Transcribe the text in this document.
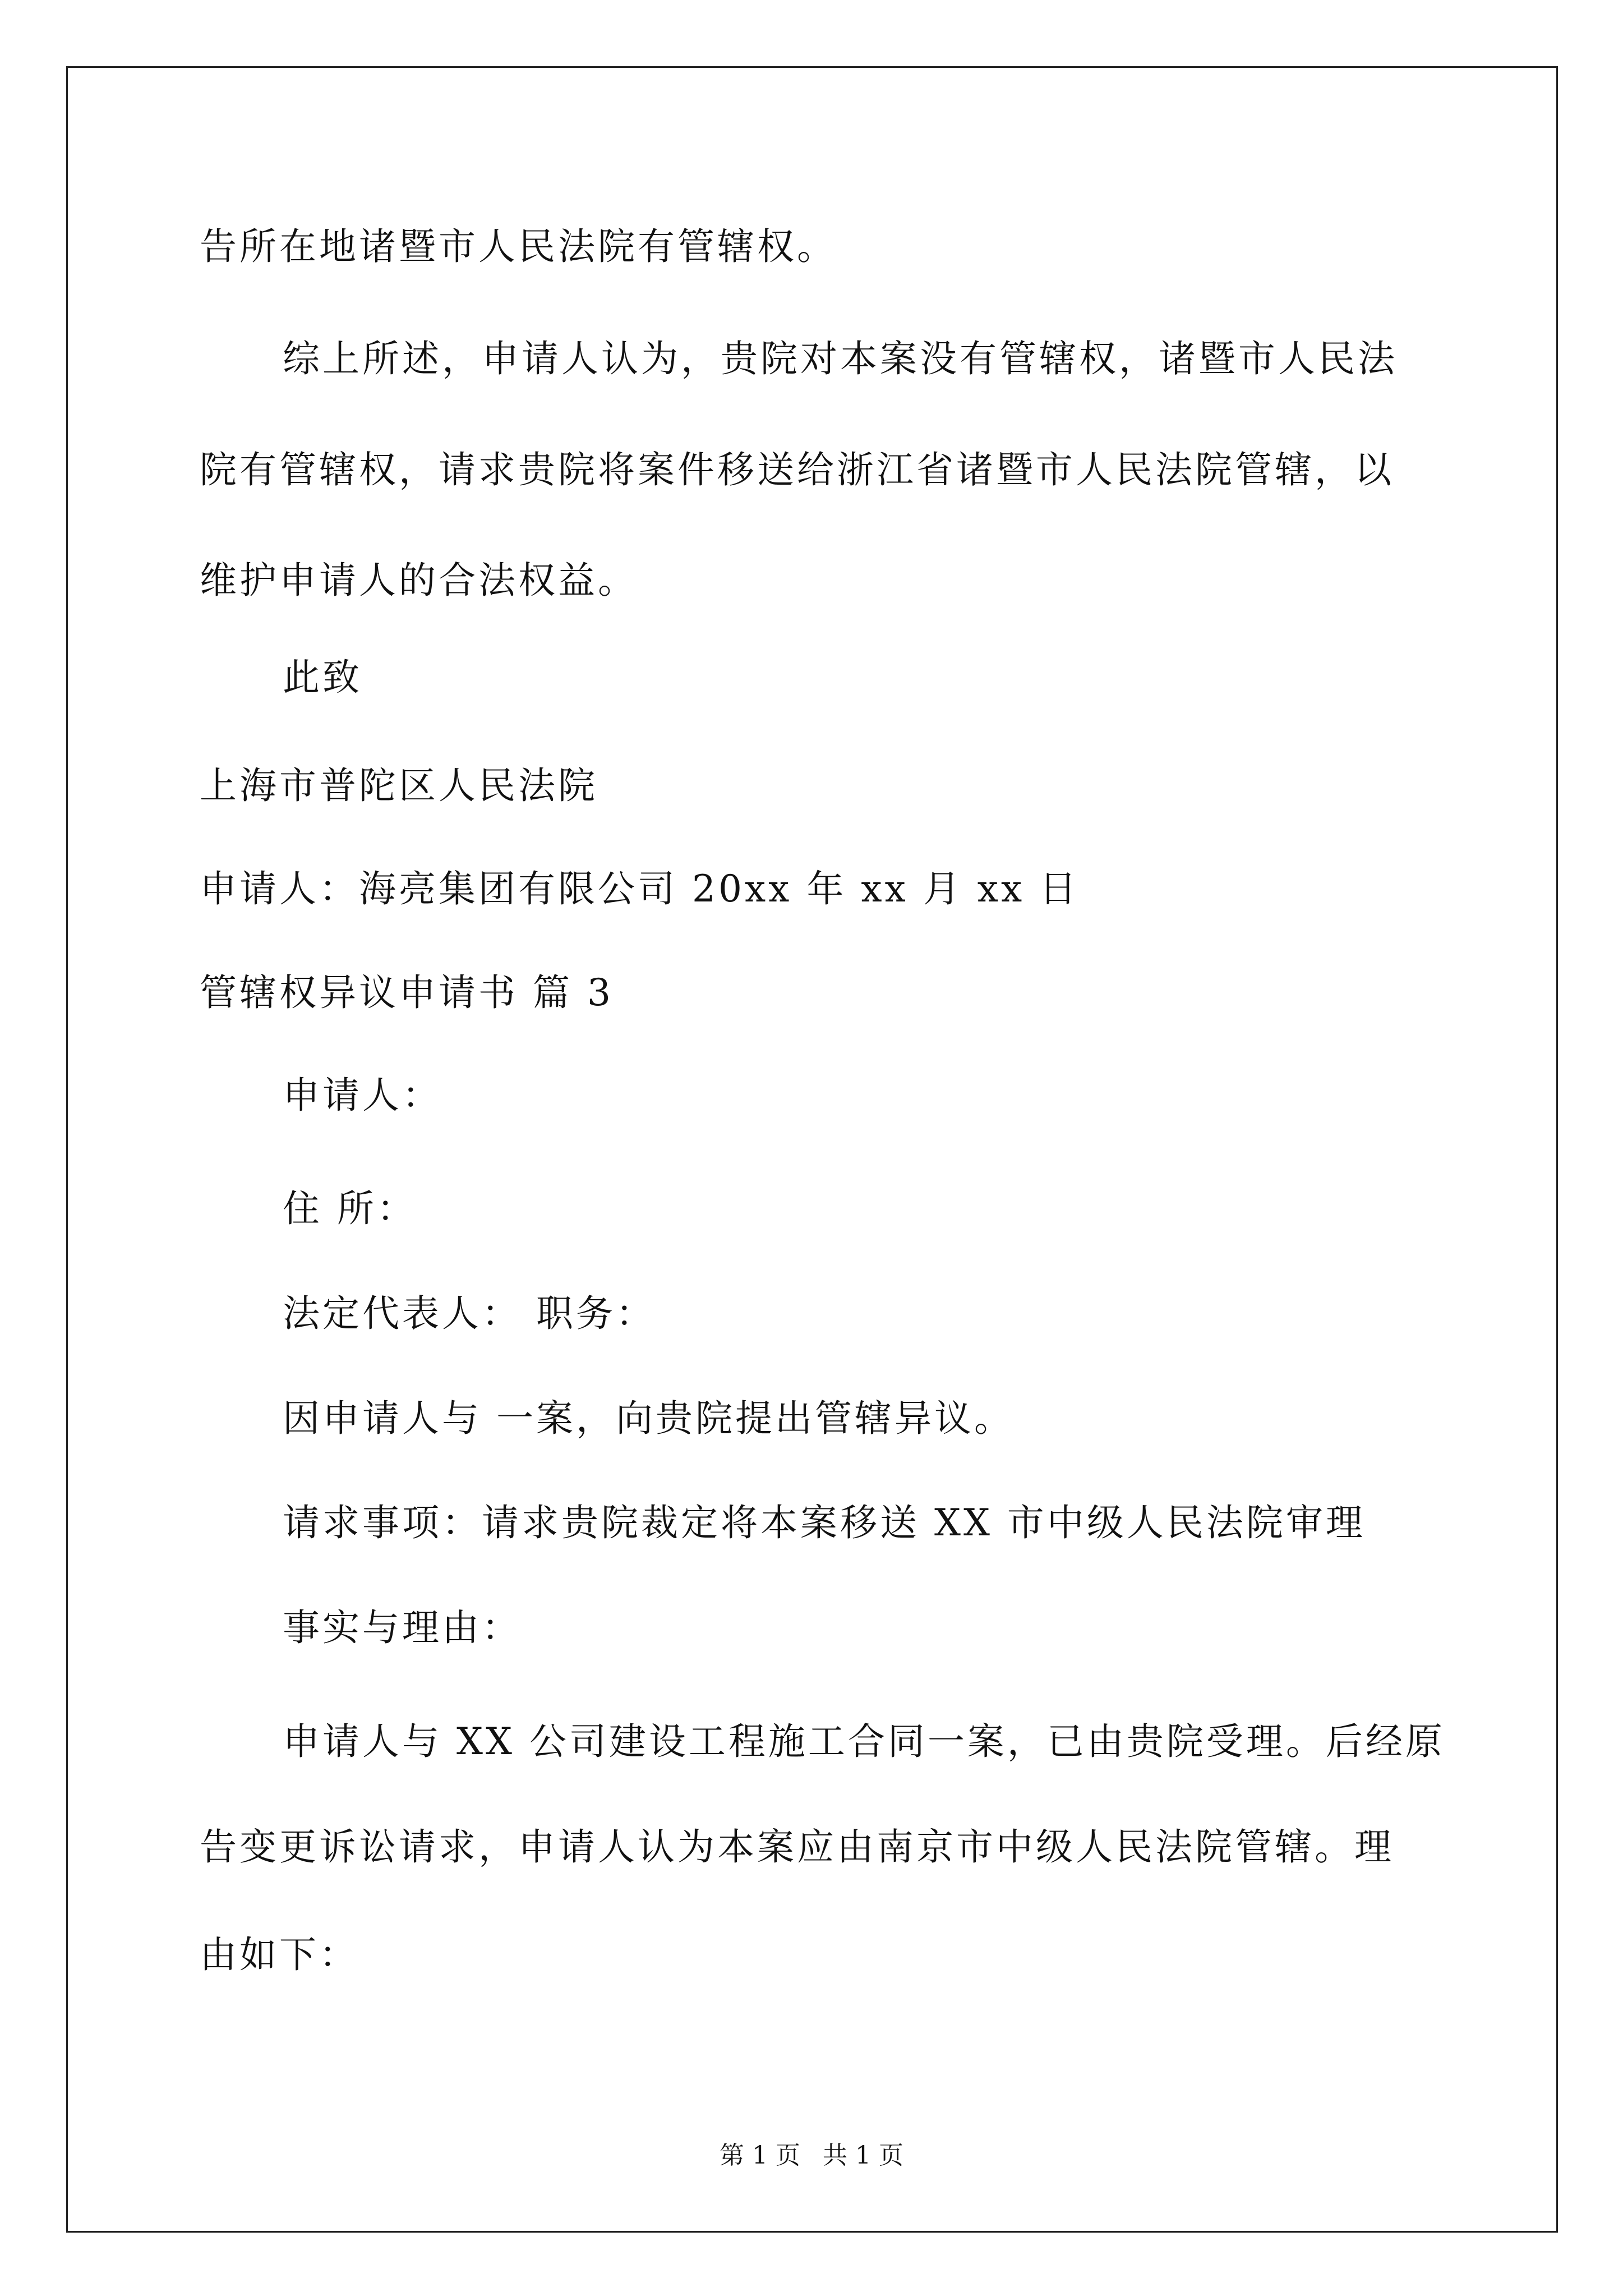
告所在地诸暨市人民法院有管辖权。
综上所述，申请人认为，贵院对本案没有管辖权，诸暨市人民法
院有管辖权，请求贵院将案件移送给浙江省诸暨市人民法院管辖，以
维护申请人的合法权益。
此致
上海市普陀区人民法院
申请人：海亮集团有限公司 20xx 年 xx 月 xx 日
管辖权异议申请书 篇 3
申请人：
住 所：
法定代表人： 职务：
因申请人与 一案，向贵院提出管辖异议。
请求事项：请求贵院裁定将本案移送 XX 市中级人民法院审理
事实与理由：
申请人与 XX 公司建设工程施工合同一案，已由贵院受理。后经原
告变更诉讼请求，申请人认为本案应由南京市中级人民法院管辖。理
由如下：
第 1 页 共 1 页
